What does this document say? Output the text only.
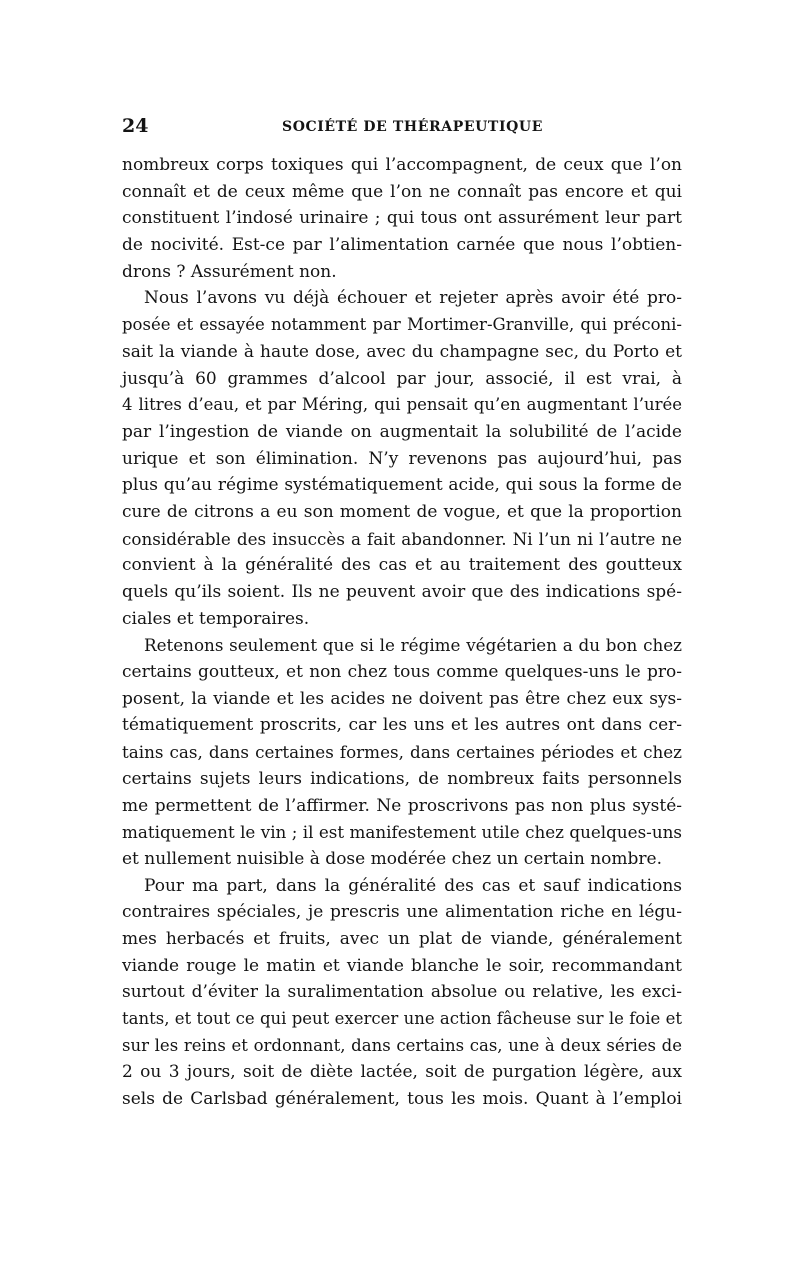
24	SOCIÉTÉ DE THÉRAPEUTIQUE
nombreux corps toxiques qui l’accompagnent, de ceux que l’on
connaît et de ceux même que l’on ne connaît pas encore et qui
constituent l’indosé urinaire ; qui tous ont assurément leur part
de nocivité. Est-ce par l’alimentation carnée que nous l’obtien-
drons ? Assurément non.
Nous l’avons vu déjà échouer et rejeter après avoir été pro-
posée et essayée notamment par Mortimer-Granville, qui préconi-
sait la viande à haute dose, avec du champagne sec, du Porto et
jusqu’à 60 grammes d’alcool par jour, associé, il est vrai, à
4 litres d’eau, et par Méring, qui pensait qu’en augmentant l’urée
par l’ingestion de viande on augmentait la solubilité de l’acide
urique et son élimination. N’y revenons pas aujourd’hui, pas
plus qu’au régime systématiquement acide, qui sous la forme de
cure de citrons a eu son moment de vogue, et que la proportion
considérable des insuccès a fait abandonner. Ni l’un ni l’autre ne
convient à la généralité des cas et au traitement des goutteux
quels qu’ils soient. Ils ne peuvent avoir que des indications spé-
ciales et temporaires.
Retenons seulement que si le régime végétarien a du bon chez
certains goutteux, et non chez tous comme quelques-uns le pro-
posent, la viande et les acides ne doivent pas être chez eux sys-
tématiquement proscrits, car les uns et les autres ont dans cer-
tains cas, dans certaines formes, dans certaines périodes et chez
certains sujets leurs indications, de nombreux faits personnels
me permettent de l’affirmer. Ne proscrivons pas non plus systé-
matiquement le vin ; il est manifestement utile chez quelques-uns
et nullement nuisible à dose modérée chez un certain nombre.
Pour ma part, dans la généralité des cas et sauf indications
contraires spéciales, je prescris une alimentation riche en légu-
mes herbacés et fruits, avec un plat de viande, généralement
viande rouge le matin et viande blanche le soir, recommandant
surtout d’éviter la suralimentation absolue ou relative, les exci-
tants, et tout ce qui peut exercer une action fâcheuse sur le foie et
sur les reins et ordonnant, dans certains cas, une à deux séries de
2 ou 3 jours, soit de diète lactée, soit de purgation légère, aux
sels de Carlsbad généralement, tous les mois. Quant à l’emploi
